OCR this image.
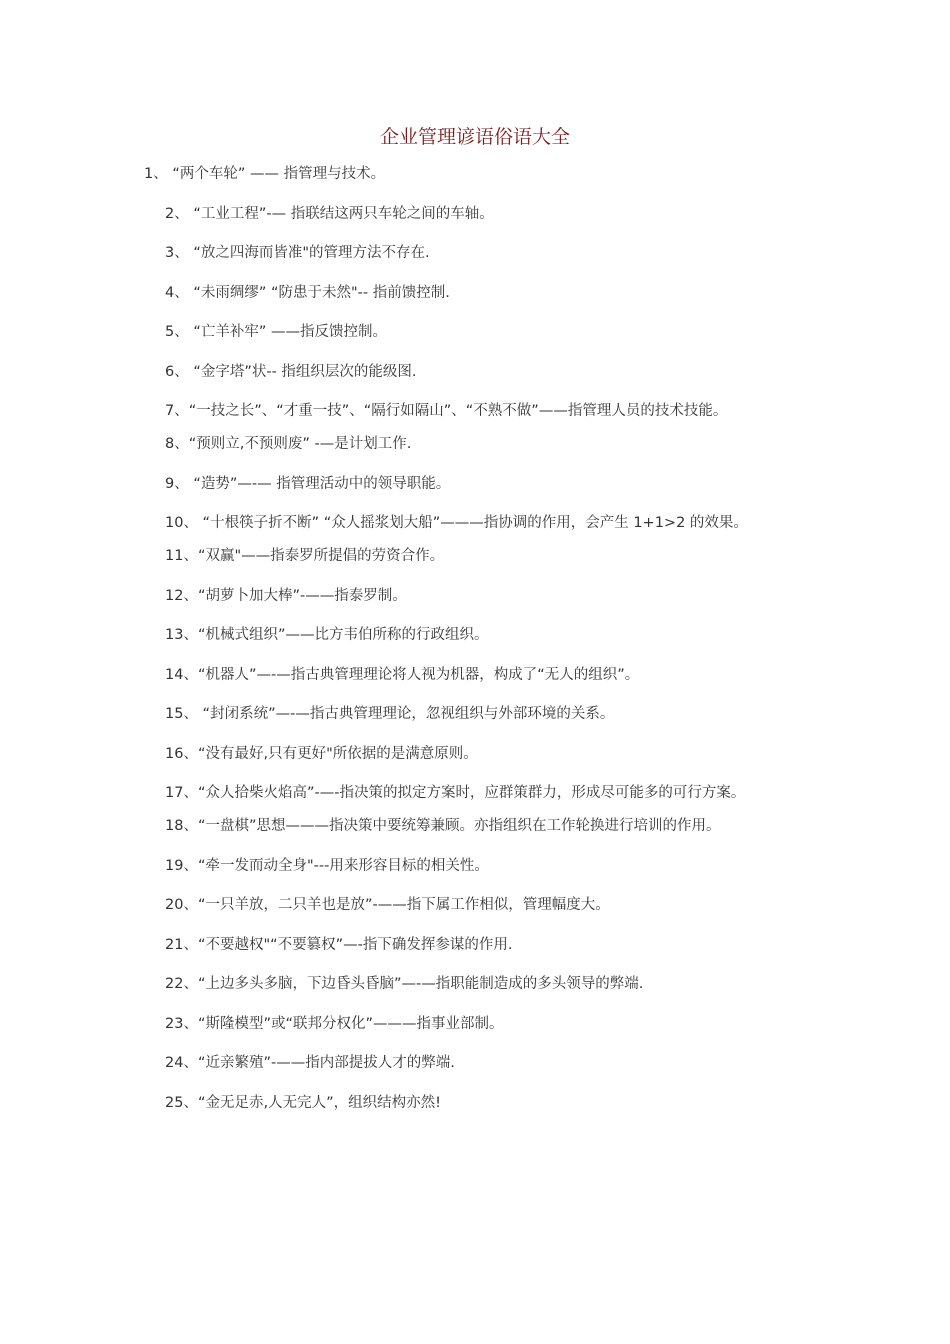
企业管理谚语俗语大全
1、 “两个车轮” —— 指管理与技术。
2、 “工业工程”-— 指联结这两只车轮之间的车轴。
3、 “放之四海而皆准"的管理方法不存在.
4、 “未雨绸缪” “防患于未然"-- 指前馈控制.
5、 “亡羊补牢” ——指反馈控制。
6、 “金字塔”状-- 指组织层次的能级图.
7、“一技之长”、“才重一技”、“隔行如隔山”、“不熟不做”——指管理人员的技术技能。
8、“预则立,不预则废” -—是计划工作.
9、 “造势”—-— 指管理活动中的领导职能。
10、 “十根筷子折不断” “众人摇浆划大船”———指协调的作用，会产生 1+1>2 的效果。
11、“双赢"——指泰罗所提倡的劳资合作。
12、“胡萝卜加大棒”-——指泰罗制。
13、“机械式组织”——比方韦伯所称的行政组织。
14、“机器人”—-—指古典管理理论将人视为机器，构成了“无人的组织”。
15、 “封闭系统”—-—指古典管理理论，忽视组织与外部环境的关系。
16、“没有最好,只有更好"所依据的是满意原则。
17、“众人拾柴火焰高”-—-指决策的拟定方案时，应群策群力，形成尽可能多的可行方案。
18、“一盘棋”思想———指决策中要统筹兼顾。亦指组织在工作轮换进行培训的作用。
19、“牵一发而动全身"---用来形容目标的相关性。
20、“一只羊放，二只羊也是放”-——指下属工作相似，管理幅度大。
21、“不要越权"“不要篡权”—-指下确发挥参谋的作用.
22、“上边多头多脑，下边昏头昏脑”—-—指职能制造成的多头领导的弊端.
23、“斯隆模型”或“联邦分权化”———指事业部制。
24、“近亲繁殖”-——指内部提拔人才的弊端.
25、“金无足赤,人无完人”，组织结构亦然!
